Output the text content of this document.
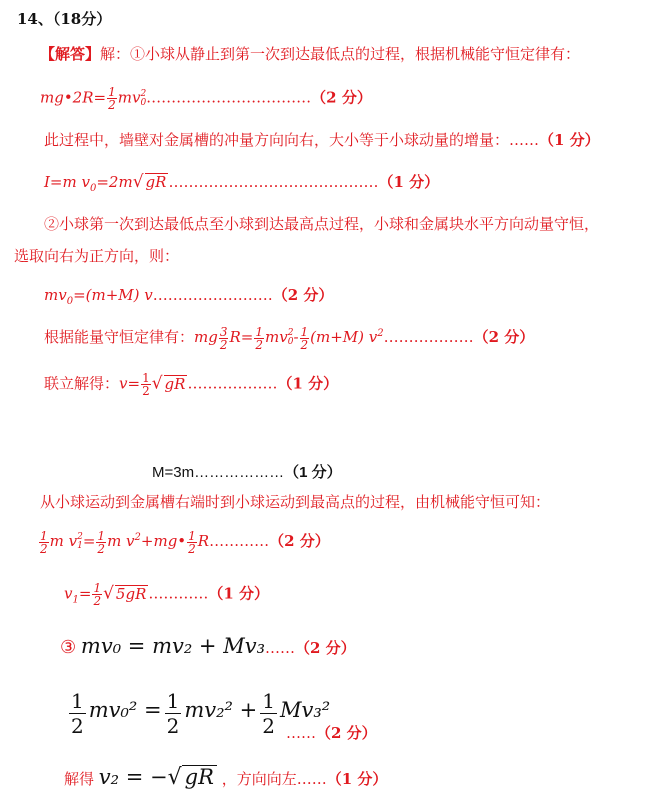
14、（18分）
【解答】解：①小球从静止到第一次到达最低点的过程，根据机械能守恒定律有：
mg•2R= $\frac{1}{2}$ mv 2
0 ……………………………（2 分）
此过程中，墙壁对金属槽的冲量方向向右，大小等于小球动量的增量：……（1 分）
I=m $v_0=2m√$ gR ……………………………………（1 分）
②小球第一次到达最低点至小球到达最高点过程，小球和金属块水平方向动量守恒，
选取向右为正方向，则：
$mv_0=(m+M)$ v……………………（2 分）
根据能量守恒定律有：mg $\frac{3}{2} R= \frac{1}{2}$ mv 2
$0 - \frac{1}{2} (m+M)$ $v^2\dots\dots\dots\dots\dots\dots(2$ 分）
联立解得：$v= \frac{1}{2}$ √ gR ………………（1 分）
M=3m………………（1 分）
从小球运动到金属槽右端时到小球运动到最高点的过程，由机械能守恒可知：
$\frac{1}{2}$ m v 2
$1 = \frac{1}{2}$ m $v^2+mg• \frac{1}{2}$ R…………（2 分）
$v_1= \frac{1}{2}$ √ 5gR …………（1 分）
③ mv₀ = mv₂ + Mv₃……（2 分）
$\frac{1}{2} mv_0^2 = \frac{1}{2} mv_2^2 + \frac{1}{2} Mv_3^2$
……（2 分）
解得 v₂ = −√ gR ，方向向左……（1 分）
